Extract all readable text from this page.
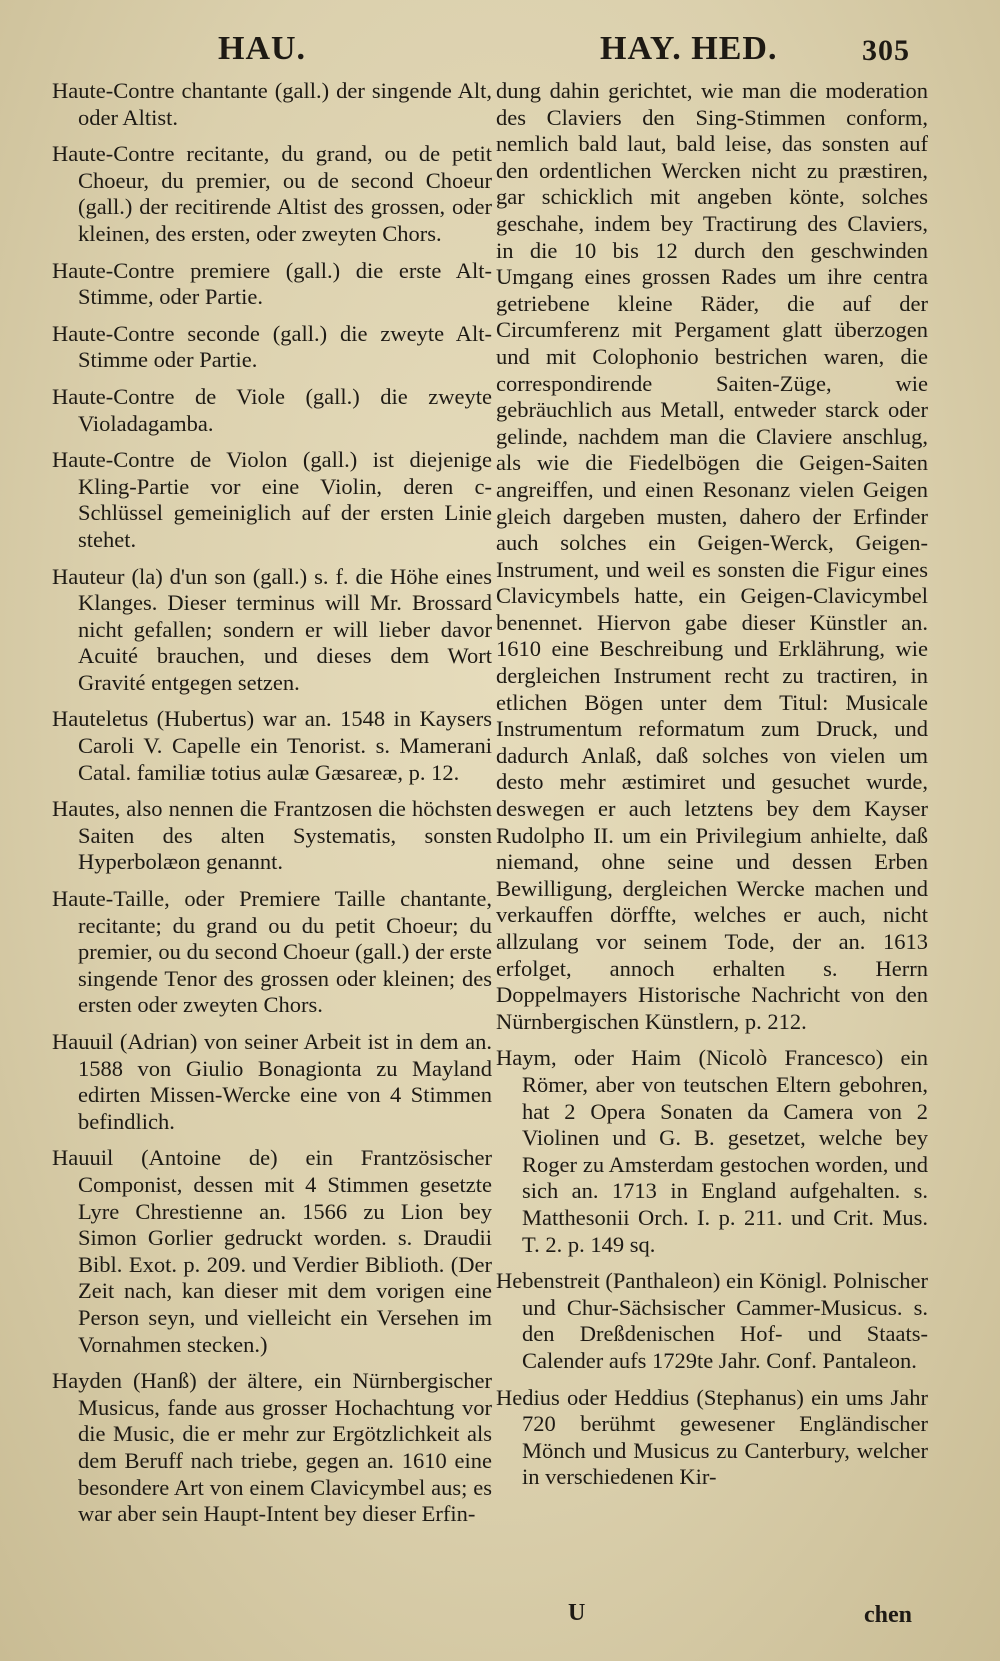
HAU.	HAY. HED.	305

Haute-Contre chantante (gall.) der singende Alt, oder Altist.

Haute-Contre recitante, du grand, ou de petit Choeur, du premier, ou de second Choeur (gall.) der recitirende Altist des grossen, oder kleinen, des ersten, oder zweyten Chors.

Haute-Contre premiere (gall.) die erste Alt-Stimme, oder Partie.

Haute-Contre seconde (gall.) die zweyte Alt-Stimme oder Partie.

Haute-Contre de Viole (gall.) die zweyte Violadagamba.

Haute-Contre de Violon (gall.) ist diejenige Kling-Partie vor eine Violin, deren c-Schlüssel gemeiniglich auf der ersten Linie stehet.

Hauteur (la) d'un son (gall.) s. f. die Höhe eines Klanges. Dieser terminus will Mr. Brossard nicht gefallen; sondern er will lieber davor Acuité brauchen, und dieses dem Wort Gravité entgegen setzen.

Hauteletus (Hubertus) war an. 1548 in Kaysers Caroli V. Capelle ein Tenorist. s. Mamerani Catal. familiæ totius aulæ Gæsareæ, p. 12.

Hautes, also nennen die Frantzosen die höchsten Saiten des alten Systematis, sonsten Hyperbolæon genannt.

Haute-Taille, oder Premiere Taille chantante, recitante; du grand ou du petit Choeur; du premier, ou du second Choeur (gall.) der erste singende Tenor des grossen oder kleinen; des ersten oder zweyten Chors.

Hauuil (Adrian) von seiner Arbeit ist in dem an. 1588 von Giulio Bonagionta zu Mayland edirten Missen-Wercke eine von 4 Stimmen befindlich.

Hauuil (Antoine de) ein Frantzösischer Componist, dessen mit 4 Stimmen gesetzte Lyre Chrestienne an. 1566 zu Lion bey Simon Gorlier gedruckt worden. s. Draudii Bibl. Exot. p. 209. und Verdier Biblioth. (Der Zeit nach, kan dieser mit dem vorigen eine Person seyn, und vielleicht ein Versehen im Vornahmen stecken.)

Hayden (Hanß) der ältere, ein Nürnbergischer Musicus, fande aus grosser Hochachtung vor die Music, die er mehr zur Ergötzlichkeit als dem Beruff nach triebe, gegen an. 1610 eine besondere Art von einem Clavicymbel aus; es war aber sein Haupt-Intent bey dieser Erfin-

dung dahin gerichtet, wie man die moderation des Claviers den Sing-Stimmen conform, nemlich bald laut, bald leise, das sonsten auf den ordentlichen Wercken nicht zu præstiren, gar schicklich mit angeben könte, solches geschahe, indem bey Tractirung des Claviers, in die 10 bis 12 durch den geschwinden Umgang eines grossen Rades um ihre centra getriebene kleine Räder, die auf der Circumferenz mit Pergament glatt überzogen und mit Colophonio bestrichen waren, die correspondirende Saiten-Züge, wie gebräuchlich aus Metall, entweder starck oder gelinde, nachdem man die Claviere anschlug, als wie die Fiedelbögen die Geigen-Saiten angreiffen, und einen Resonanz vielen Geigen gleich dargeben musten, dahero der Erfinder auch solches ein Geigen-Werck, Geigen-Instrument, und weil es sonsten die Figur eines Clavicymbels hatte, ein Geigen-Clavicymbel benennet. Hiervon gabe dieser Künstler an. 1610 eine Beschreibung und Erklährung, wie dergleichen Instrument recht zu tractiren, in etlichen Bögen unter dem Titul: Musicale Instrumentum reformatum zum Druck, und dadurch Anlaß, daß solches von vielen um desto mehr æstimiret und gesuchet wurde, deswegen er auch letztens bey dem Kayser Rudolpho II. um ein Privilegium anhielte, daß niemand, ohne seine und dessen Erben Bewilligung, dergleichen Wercke machen und verkauffen dörffte, welches er auch, nicht allzulang vor seinem Tode, der an. 1613 erfolget, annoch erhalten s. Herrn Doppelmayers Historische Nachricht von den Nürnbergischen Künstlern, p. 212.

Haym, oder Haim (Nicolò Francesco) ein Römer, aber von teutschen Eltern gebohren, hat 2 Opera Sonaten da Camera von 2 Violinen und G. B. gesetzet, welche bey Roger zu Amsterdam gestochen worden, und sich an. 1713 in England aufgehalten. s. Matthesonii Orch. I. p. 211. und Crit. Mus. T. 2. p. 149 sq.

Hebenstreit (Panthaleon) ein Königl. Polnischer und Chur-Sächsischer Cammer-Musicus. s. den Dreßdenischen Hof- und Staats-Calender aufs 1729te Jahr. Conf. Pantaleon.

Hedius oder Heddius (Stephanus) ein ums Jahr 720 berühmt gewesener Engländischer Mönch und Musicus zu Canterbury, welcher in verschiedenen Kir-

U	chen
